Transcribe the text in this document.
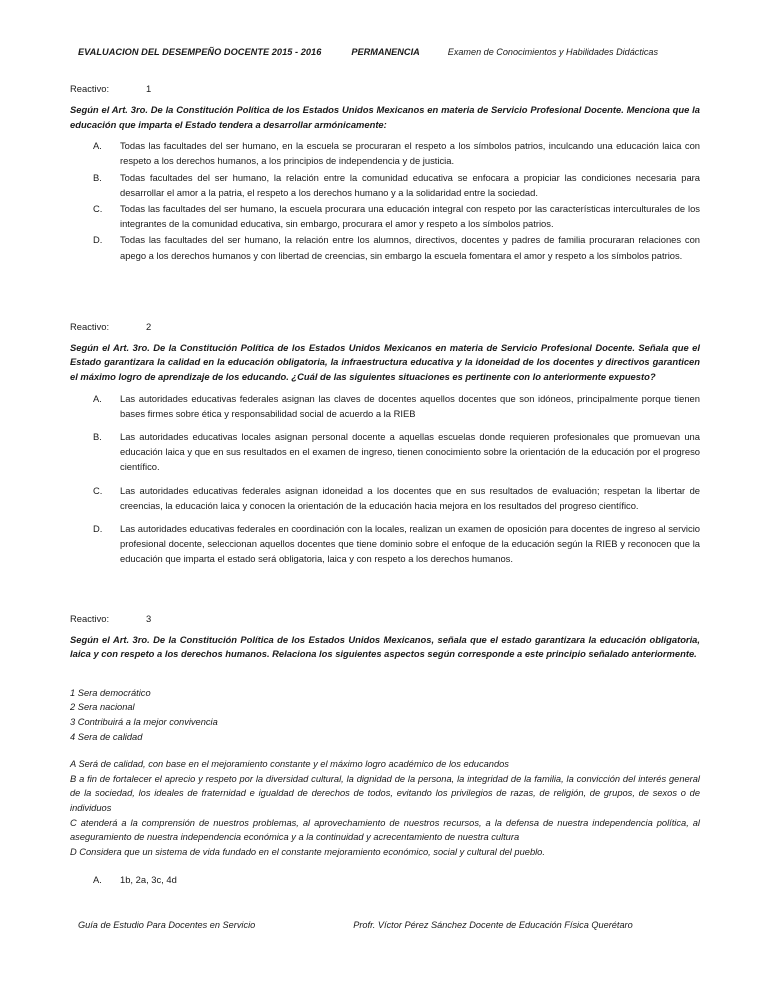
EVALUACION DEL DESEMPEÑO DOCENTE 2015 - 2016	PERMANENCIA	Examen de Conocimientos y Habilidades Didácticas
Reactivo:	1

Según el Art. 3ro. De la Constitución Política de los Estados Unidos Mexicanos en materia de Servicio Profesional Docente. Menciona que la educación que imparta el Estado tendera a desarrollar armónicamente:

A.	Todas las facultades del ser humano, en la escuela se procuraran el respeto a los símbolos patrios, inculcando una educación laica con respeto a los derechos humanos, a los principios de independencia y de justicia.
B.	Todas facultades del ser humano, la relación entre la comunidad educativa se enfocara a propiciar las condiciones necesaria para desarrollar el amor a la patria, el respeto a los derechos humano y a la solidaridad entre la sociedad.
C.	Todas las facultades del ser humano, la escuela procurara una educación integral con respeto por las características interculturales de los integrantes de la comunidad educativa, sin embargo, procurara el amor y respeto a los símbolos patrios.
D.	Todas las facultades del ser humano, la relación entre los alumnos, directivos, docentes y padres de familia procuraran relaciones con apego a los derechos humanos y con libertad de creencias, sin embargo la escuela fomentara el amor y respeto a los símbolos patrios.
Reactivo:	2

Según el Art. 3ro. De la Constitución Política de los Estados Unidos Mexicanos en materia de Servicio Profesional Docente. Señala que el Estado garantizara la calidad en la educación obligatoria, la infraestructura educativa y la idoneidad de los docentes y directivos garanticen el máximo logro de aprendizaje de los educando. ¿Cuál de las siguientes situaciones es pertinente con lo anteriormente expuesto?

A.	Las autoridades educativas federales asignan las claves de docentes aquellos docentes que son idóneos, principalmente porque tienen bases firmes sobre ética y responsabilidad social de acuerdo a la RIEB
B.	Las autoridades educativas locales asignan personal docente a aquellas escuelas donde requieren profesionales que promuevan una educación laica y que en sus resultados en el examen de ingreso, tienen conocimiento sobre la orientación de la educación por el progreso científico.
C.	Las autoridades educativas federales asignan idoneidad a los docentes que en sus resultados de evaluación; respetan la libertar de creencias, la educación laica y conocen la orientación de la educación hacia mejora en los resultados del progreso científico.
D.	Las autoridades educativas federales en coordinación con la locales, realizan un examen de oposición para docentes de ingreso al servicio profesional docente, seleccionan aquellos docentes que tiene dominio sobre el enfoque de la educación según la RIEB y reconocen que la educación que imparta el estado será obligatoria, laica y con respeto a los derechos humanos.
Reactivo:	3

Según el Art. 3ro. De la Constitución Política de los Estados Unidos Mexicanos, señala que el estado garantizara la educación obligatoria, laica y con respeto a los derechos humanos. Relaciona los siguientes aspectos según corresponde a este principio señalado anteriormente.

1 Sera democrático
2 Sera nacional
3 Contribuirá a la mejor convivencia
4 Sera de calidad
A Será de calidad, con base en el mejoramiento constante y el máximo logro académico de los educandos
B a fin de fortalecer el aprecio y respeto por la diversidad cultural, la dignidad de la persona, la integridad de la familia, la convicción del interés general de la sociedad, los ideales de fraternidad e igualdad de derechos de todos, evitando los privilegios de razas, de religión, de grupos, de sexos o de individuos
C atenderá a la comprensión de nuestros problemas, al aprovechamiento de nuestros recursos, a la defensa de nuestra independencia política, al aseguramiento de nuestra independencia económica y a la continuidad y acrecentamiento de nuestra cultura
D Considera que un sistema de vida fundado en el constante mejoramiento económico, social y cultural del pueblo.
A.	1b, 2a, 3c, 4d
Guía de Estudio Para Docentes en Servicio	Profr. Víctor Pérez Sánchez Docente de Educación Física Querétaro
